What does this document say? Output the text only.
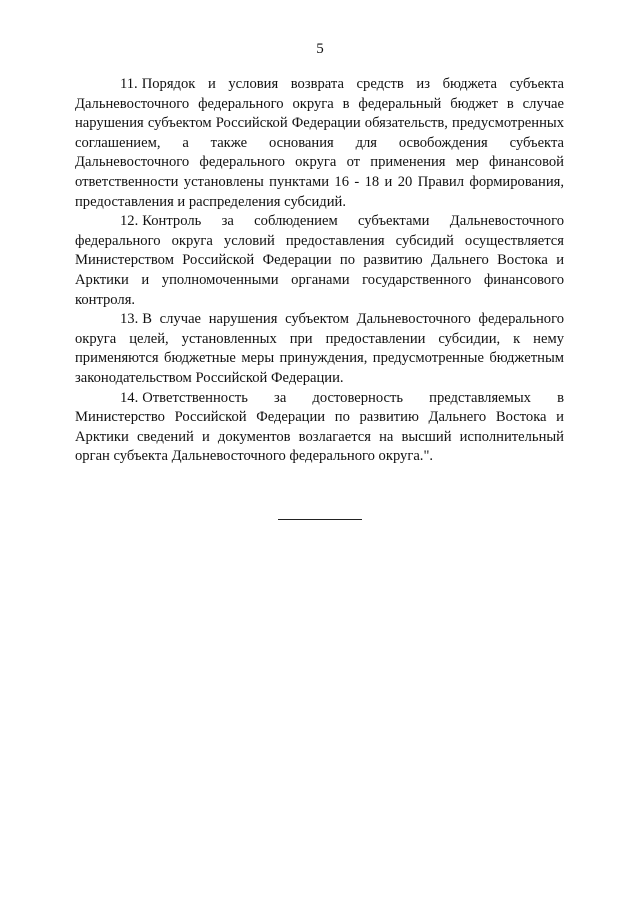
5

11. Порядок и условия возврата средств из бюджета субъекта Дальневосточного федерального округа в федеральный бюджет в случае нарушения субъектом Российской Федерации обязательств, предусмотренных соглашением, а также основания для освобождения субъекта Дальневосточного федерального округа от применения мер финансовой ответственности установлены пунктами 16 - 18 и 20 Правил формирования, предоставления и распределения субсидий.

12. Контроль за соблюдением субъектами Дальневосточного федерального округа условий предоставления субсидий осуществляется Министерством Российской Федерации по развитию Дальнего Востока и Арктики и уполномоченными органами государственного финансового контроля.

13. В случае нарушения субъектом Дальневосточного федерального округа целей, установленных при предоставлении субсидии, к нему применяются бюджетные меры принуждения, предусмотренные бюджетным законодательством Российской Федерации.

14. Ответственность за достоверность представляемых в Министерство Российской Федерации по развитию Дальнего Востока и Арктики сведений и документов возлагается на высший исполнительный орган субъекта Дальневосточного федерального округа.".
